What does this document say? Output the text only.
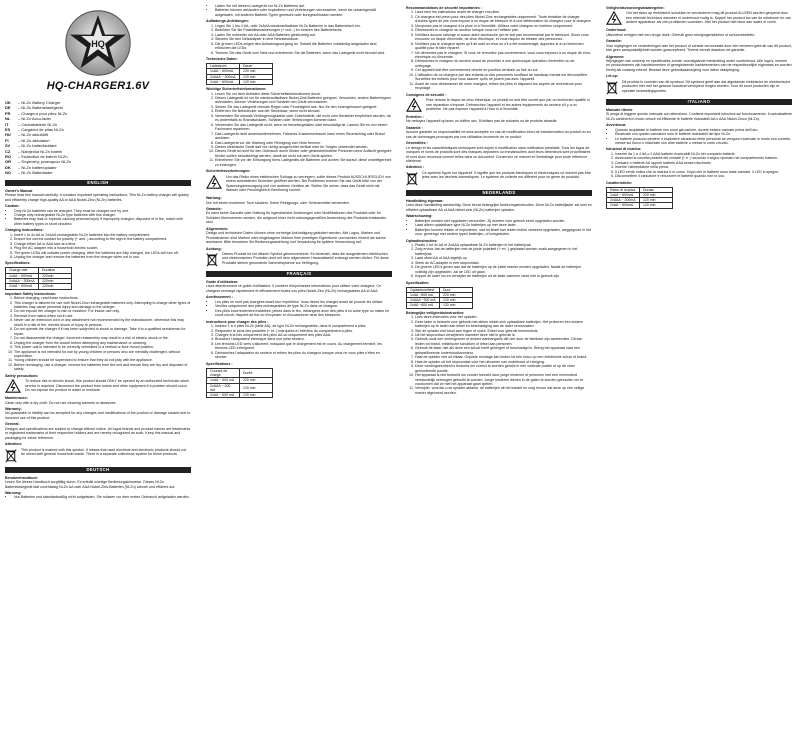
HQ
HQ-CHARGER1.6V
UK – Ni-Zn Battery Charger
DE – Ni-Zn Batterieladegerät
FR – Chargeur pour piles Ni-Zn
NL – Ni-Zn Accu-lader
IT – Caricabatterie Ni-Zn
ES – Cargador de pilas Ni-Zn
HU – Ni-Zn akkutöltő
FI – Ni-Zn-akkulaturi
SV – Ni-Zn batteriladdare
CZ – Nabíječka Ni-Zn baterií
RO – Încărcător de baterii Ni-Zn
GR – Φορτιστής μπαταριών Ni-Zn
DK – Ni-Zn batterioplader
NO – Ni-Zn Batterilader
ENGLISH
Owner's Manual

Please read this manual carefully. It contains important operating instructions. This Ni-Zn battery charger will quickly and efficiently charge high-quality AA or AAA Nickel-Zinc (Ni-Zn) batteries.

Caution:
• Only Ni-Zn batteries can be charged. They must be charged one by one.
• Charge only rechargeable Ni-Zn type batteries with this charger.
• Batteries may leak or explode causing personal injury if improperly charged, disposed of in fire, mixed with other battery types or short circuited.
Charging instructions:
1. Insert 1 to 4x AA or 2xAAA rechargeable Ni-Zn batteries into the battery compartment.
2. Ensure the correct contact for polarity (+ and -) according to the sign in the battery compartment.
3. Charge either AA or AAA size at a time.
4. Plug the AC adapter into a household electric socket.
5. The green LEDs will indicate power charging. After the batteries are fully charged, the LEDs will turn off.
6. Unplug the charger and remove the batteries from the charger when not in use.
Specifications:
Charge rate	Duration
1xAA ~ 600mA	220min
2xAAA ~ 300mA	120min
2xAA ~ 600mA	120min
Important Safety Instructions:
1. Before charging, read these instructions.
2. This charger is tailored for use with Nickel-Zinc rechargeable batteries only. Attempting to charge other types of batteries may cause personal injury and damage to the charger.
3. Do not expose the charger to rain or moisture. For indoor use only.
4. Remove from mains when not in use.
5. Never use an extension cord or any attachment not recommended by the manufacturer, otherwise this may result in a risk of fire, electric shock or injury to persons.
6. Do not operate the charger if it has been subjected to shock or damage. Take it to a qualified serviceman for repair.
7. Do not disassemble the charger. Incorrect reassembly may result in a risk of electric shock or fire.
8. Unplug the charger from the socket before attempting any maintenance or cleaning.
9. This power unit is intended to be correctly orientated in a vertical or floor mount position.
10. The appliance is not intended for use by young children or persons who are mentally challenged, without supervision.
11. Young children should be supervised to ensure that they do not play with the appliance.
12. Before recharging, use a charger, remove the batteries from the unit and ensure they are dry and disposed of safely.
Safety precautions:

To reduce risk of electric shock, this product should ONLY be opened by an authorized technician when service is required. Disconnect the product from mains and other equipment if a problem should occur. Do not expose the product to water or moisture.

Maintenance:

Clean only with a dry cloth. Do not use cleaning solvents or abrasives.

Warranty:

No guarantee or liability can be accepted for any changes and modifications of the product or damage caused due to incorrect use of this product.

General:

Designs and specifications are subject to change without notice. All logos brands and product names are trademarks or registered trademarks of their respective holders and are hereby recognized as such. Keep this manual and packaging for future reference.

Attention:

This product is marked with this symbol. It means that used electrical and electronic products should not be mixed with general household waste. There is a separate collections system for these products.

DEUTSCH
Benutzerhandbuch

Lesen Sie dieses Handbuch sorgfältig durch. Es enthält wichtige Bedienungshinweise. Dieses Ni-Zn Batterieladegerät lädt zuverlässig Ni-Zn AA oder AAA Nickel-Zink-Batterien (Ni-Zn) schnell und effizient auf.

Warnung:
• Nur Batterien und standardmäßig nicht aufgeladen. Sie müssen vor dem ersten Gebrauch aufgeladen werden.
• Laden Sie mit diesem Ladegerät nur Ni-Zn Batterien auf.
• Batterien können auslaufen oder explodieren und Verletzungen verursachen, wenn sie unsachgemäß aufgeladen, mit anderen Batterie-Typen gemischt oder kurzgeschlossen werden.
Aufladungs-Anleitungen:
1. Legen Sie 1 bis 4 AA- oder 2xAAA wiederaufladbare Ni-Zn Batterien in das Batteriefach ein.
2. Beachten Sie die Polaritätsmarkierungen (+ und -) im Inneren des Batteriefachs.
3. Laden Sie entweder nur AA oder AAA Batterien gleichzeitig auf.
4. Stecken Sie den Netzadapter in eine Netzsteckdose.
5. Die grünen LEDs zeigen den Aufladungsvorgang an. Sobald die Batterien vollständig aufgeladen sind, erlöschen die LEDs.
6. Trennen Sie das Gerät vom Netz und entnehmen Sie die Batterien, wenn das Ladegerät nicht benutzt wird.
Technische Daten:
Ladestrom	Dauer
1xAA ~ 600mA	220 min
2xAAA ~ 300mA	120 min
2xAA ~ 600mA	120 min
Wichtige Sicherheitsinformationen:
1. Lesen Sie vor dem Aufladen diese Sicherheitsinformationen durch.
2. Dieses Ladegerät ist nur für wiederaufladbare Nickel-Zink Batterien geeignet. Versuchen, andere Batterietypen aufzuladen, können Verletzungen und Schäden am Gerät verursachen.
3. Setzen Sie das Ladegerät niemals Regen oder Feuchtigkeit aus. Nur für den Innengebrauch geeignet.
4. Entfernen Sie Netzstecker aus der Steckdose, wenn nicht benutzt.
5. Verwenden Sie niemals Verlängerungskabel oder Zubehörteile, die nicht vom Hersteller empfohlen wurden, da es andernfalls zu Brandschäden, Schäden oder Verletzungen kommen kann.
6. Verwenden Sie das Ladegerät nicht, wenn es heruntergefallen oder beschädigt ist. Lassen Sie es von einem Fachmann reparieren.
7. Das Ladegerät nicht auseinandernehmen. Falsches Zusammenbauen kann einen Stromschlag oder Brand auslösen.
8. Das Ladegerät vor der Wartung oder Reinigung vom Netz trennen.
9. Dieses elektrische Gerät darf nur richtig ausgerichtet vertikal oder für Sorgen verwendet werden.
10. Dieses Gerät ist nicht für den Gebrauch durch Kinder oder geistesbehinderte Personen ohne Aufsicht geeignet. Kinder sollten beaufsichtigt werden, damit sie nicht mit dem Gerät spielen.
11. Entnehmen Sie vor der Entsorgung Ihres Ladegeräts die Batterien und achten Sie darauf, diese umweltgerecht zu entsorgen.
Sicherheitsvorkehrungen:

Um das Risiko eines elektrischen Schlags zu verringern, sollte dieses Produkt AUSSCHLIESSLICH von einem autorisierten Techniker geöffnet werden. Bei Problemen trennen Sie das Gerät bitte von der Spannungsversorgung und von anderen Geräten ab. Stellen Sie sicher, dass das Gerät nicht mit Wasser oder Feuchtigkeit in Berührung kommt.

Wartung:

Nur mit einem trockenen Tuch säubern. Keine Reinigungs- oder Scheuermittel verwenden.

Garantie:

Es kann keine Garantie oder Haftung für irgendwelche Änderungen oder Modifikationen des Produkts oder für Schäden übernommen werden, die aufgrund einer nicht ordnungsgemäßen Anwendung des Produkts entstanden sind.

Allgemeines:

Design und technische Daten können ohne vorherige Ankündigung geändert werden. Alle Logos, Marken und Produktnamen sind Marken oder eingetragene Marken ihrer jeweiligen Eigentümer und werden hiermit als solche anerkannt. Bitte bewahren Sie Bedienungsanleitung und Verpackung für spätere Verwendung auf.

Achtung:

Dieses Produkt ist mit diesem Symbol gekennzeichnet. Es bedeutet, dass die ausgedienten elektrischen und elektronischen Produkte nicht mit dem allgemeinen Haushaltsmüll entsorgt werden dürfen. Für diese Produkte stehen gesonderte Sammelsysteme zur Verfügung.

FRANÇAIS
Guide d'utilisateur:

Lisez attentivement ce guide d'utilisateur. Il contient d'importantes informations pour utiliser votre chargeur. Ce chargeur recharge rapidement et efficacement toutes vos piles Nickel-Zinc (Ni-Zn) rechargeables AA et AAA.

Avertissement :
• Les piles ne sont pas chargées avant leur expédition. Vous devez les charger avant de pouvoir les utiliser.
• Veuillez uniquement des piles rechargeables de type Ni-Zn dans ce chargeur.
• Des piles incorrectement installées, jetées dans le feu, mélangées avec des piles d'un autre type ou mises en court-circuit, risquent de fuir ou d'exploser et d'occasionner ainsi des blessures.
Instructions pour charger des piles :
1. Insérez 1 à 4 piles Ni-Zn (taille AA), de type Ni-Zn rechargeables, dans le compartiment à piles.
2. Respectez le sens des polarités (+ et -) marquées à l'intérieur du compartiment à piles.
3. Chargez à la fois uniquement des piles AA ou uniquement des piles AAA.
4. Branchez l'adaptateur électrique dans une prise secteur.
5. Les témoins LED verts s'allument, indiquant que le chargement est en cours. Au chargement terminé, les témoins LED s'éteignent.
6. Débranchez l'adaptateur du secteur et retirez les piles du chargeur lorsque vous ne vous piles n'êtes en service.
Spécifications :
Courant de charge	Durée
1xAA ~ 600 mA	220 min
2xAAA ~ 300 mA	120 min
2xAA ~ 600 mA	120 min
Recommandations de sécurité importantes :
1. Lisez bien les instructions avant de charger vos piles.
2. Ce chargeur est prévu pour des piles Nickel-Zinc rechargeables uniquement. Toute tentative de charger d'autres types de pile vous expose à un risque de blessure et à une détérioration du chargeur pour le chargeur.
3. N'exposez pas le chargeur à la pluie ni à l'humidité. Utilisez votre chargeur en intérieur uniquement.
4. Débranchez le chargeur du secteur lorsque vous ne l'utilisez pas.
5. N'utilisez aucune rallonge ni aucun autre accessoire qui ne soit pas recommandé par le fabricant. Sinon vous encourez un risque d'incendie, de choc électrique, et vous risquez de blesser des personnes.
6. N'utilisez pas le chargeur après qu'il ait subi un choc ou s'il a été endommagé. Apportez-le à un technicien qualifié pour le faire réparer.
7. Ne démontez pas le chargeur. Si vous ne remontez pas correctement, vous vous exposez à un risque de choc électrique ou d'incendie.
8. Débranchez le chargeur du secteur avant de procéder à une quelconque opération d'entretien ou de nettoyage.
9. Cet appareil doit être correctement orienté en position verticale ou fixé au sol.
10. L'utilisation de ce chargeur par des enfants ou des personnes souffrant de handicap mental est déconseillée. Surveillez les enfants pour vous assurer qu'ils ne jouent pas avec l'appareil.
11. Avant de vous débarrasser de votre chargeur, retirez les piles et disposez-les auprès de revendeurs pour recyclage.
Consignes de sécurité :

Pour réduire le risque de choc électrique, ce produit ne doit être ouvert que par un technicien qualifié si une réparation s'impose. Débranchez l'appareil et les autres équipements du secteur s'il y a un problème. Ne pas exposer l'appareil à l'eau ni à l'humidité.

Entretien :

Ne nettoyez l'appareil qu'avec un chiffon sec. N'utilisez pas de solvants ou de produits abrasifs.

Garantie :

Aucune garantie ou responsabilité ne sera acceptée en cas de modification et/ou de transformation du produit ou en cas de dommages provoqués par une utilisation incorrecte de ce produit.

Généralités :

Le design et les caractéristiques techniques sont sujets à modification sans notification préalable. Tous les logos de marques et noms de produits sont des marques déposées ou immatriculées dont leurs détenteurs sont propriétaires et sont donc reconnus comme telles dans ce document. Conservez ce manuel et l'emballage pour toute référence ultérieure.

Attention :

Ce symbole figure sur l'appareil. Il signifie que les produits électriques et électroniques ne doivent pas être jetés avec les déchets domestiques. Le système de collecte est différent pour ce genre de produits.

NEDERLANDS
Handleiding eigenaar:

Lees deze handleiding aandachtig. Deze bevat belangrijke bedieningsinstructies. Deze Ni-Zn batterijlader zal snel en efficiënt oplaadbare AA of AAA nikkel-zink (Ni-Zn) batterijen opladen.

Waarschuwing:
• Batterijen worden niet opgeladen verzonden. Zij moeten vóór gebruik eerst opgeladen worden.
• Laad alleen oplaadbare type Ni-Zn batterijen op met deze lader.
• Batterijen kunnen lekken of exploderen, wat tot letsel kan leiden indien verkeerd opgeladen, weggegooid in het vuur, gemengd met andere typen batterijen, of kortgesloten.
Oplaadinstructies:
1. Plaats 1 tot 4x AA of 2xAAA oplaadbare Ni-Zn batterijen in het batterijvak.
2. Zorg ervoor dat de batterijen met de juiste polariteit (+ en -) geplaatst worden zoals aangegeven in het batterijvak.
3. Laad ofwel AA of AAA tegelijk op.
4. Steek de AC-adapter in een stopcontact.
5. De groene LED's geven aan dat de batterijen op de juiste manier worden opgeladen. Nadat de batterijen volledig zijn opgeladen, zal de LED uit gaan.
6. Koppel de lader los en verwijder de batterijen uit de lader wanneer deze niet in gebruik zijn.
Specificaties:
Oplaadsnelheid	Duur
1xAA ~600 mA	220 min
2xAAA ~300 mA	120 min
2xAA ~600 mA	120 min
Belangrijke veiligheidsinstructies:
1. Lees deze instructies vóór het opladen.
2. Deze lader is bedoeld voor gebruik met alleen nikkel-zink oplaadbare batterijen. Het proberen een andere batterijen op te laden kan letsel en beschadiging aan de lader veroorzaken.
3. Stel de oplader niet bloot aan regen of vocht. Enkel voor gebruik binnenshuis.
4. Uit het stopcontact verwijderen wanneer deze niet in gebruik is.
5. Gebruik nooit een verlengsnoer of andere aanhangsels die niet door de fabrikant zijn aanbevolen. Dit kan leiden tot brand, elektrische schokken of letsel aan personen.
6. Gebruik de lader niet als deze een schok heeft gekregen of beschadigd is. Breng het apparaat naar een gekwalificeerde onderhoudsmonteur.
7. Haal de oplader niet uit elkaar. Onjuiste montage kan leiden tot een risico op een elektrische schok of brand.
8. Haal de oplader uit het stopcontact vóór het uitvoeren van onderhoud of reiniging.
9. Deze voedingseenheid is bedoeld om correct te worden gericht in een verticale positie of op de vloer gemonteerde positie.
10. Het apparaat is niet bedoeld om zonder toezicht door jonge kinderen of personen met een verminderd verstandelijk vermogen gebruikt te worden. Jonge kinderen dienen in de gaten te worden gehouden om te voorkomen dat ze met het apparaat gaan spelen.
11. Verwijder, voordat u uw oplader afdankt, de batterijen uit het toestel en zorg ervoor dat deze op een veilige manier afgevoerd worden.
Veiligheidsvoorzorgsmaatregelen:

Om het risico op elektrische schokken te verminderen mag dit product ALLEEN worden geopend door een erkende technicus wanneer er onderhoud nodig is. Koppel het product los van de netstroom en van andere apparatuur als zich problemen voordoen. Stel het product niet bloot aan water of vocht.

Onderhoud:

Uitsluitend reinigen met een droge doek. Gebruik geen reinigingsmiddelen of schuurmiddelen.

Garantie:

Voor wijzigingen en veranderingen aan het product of schade veroorzaakt door een verkeerd gebruik van dit product, kan geen aansprakelijkheid worden geaccepteerd. Tevens vervalt daardoor de garantie.

Algemeen:

Wijzigingen van ontwerp en specificaties zonder voorafgaande mededeling onder voorbehoud. Alle logo's, merken en productnamen zijn handelsmerken of geregistreerde handelsmerken van de respectievelijke eigenaars en worden hierbij als zodanig erkend. Bewaar deze gebruiksaanwijzing voor latere raadpleging.

Let op:

Dit product is voorzien van dit symbool. Dit symbool geeft aan dat afgedankte elektrische en elektronische producten niet met het gewone huisafval verwijderd mogen worden. Voor dit soort producten zijn er speciale inzamelingspunten.

ITALIANO
Manuale Utente

Si prega di leggere questo manuale con attenzione. Contiene importanti istruzioni sul funzionamento. Il caricabatterie Ni-Zn caricherà in modo veloce ed efficiente le batterie ricaricabili AA o AAA Nickel-Zinco (Ni-Zn).

Avvertenza:
• Quando acquistate le batterie non sono già cariche, dovete essere caricate prima dell'uso.
• Ricaricate con questo caricatore solo le batterie ricaricabili del tipo Ni-Zn.
• Le batterie possono perdere o esplodere causando ferite personali se vengono ricaricate in modo non corretto, messe sul fuoco o mischiate con altre batterie o messe in corto circuito.
Istruzioni di ricarica:
1. Inserire da 1 a 4 AA o 2 AAA batterie ricaricabili Ni-Zn nel comparto batterie.
2. Assicurarsi la corretta polarità dei contatti (+ e -) secondo il segno riportato nel compartimento batterie.
3. Caricare o batterie AA oppure batterie AAA senza mischiarle.
4. Inserire l'alimentatore nella presa.
5. Il LED verde indica che la ricarica è in corso. Dopo che le batterie sono state caricate, il LED si spegne.
6. Disconnettere il caricatore e rimuovere le batterie quando non in uso.
Caratteristiche:
Rateo di ricarica	Durata
1xAA ~ 600mA	220 min
2xAAA ~ 300mA	120 min
2xAA ~ 600mA	120 min
